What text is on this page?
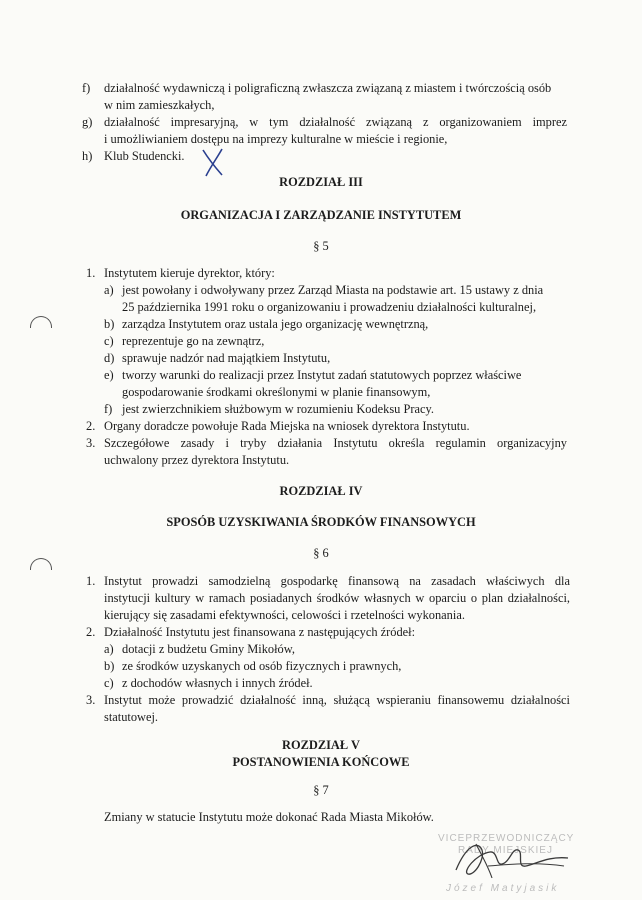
f) działalność wydawniczą i poligraficzną zwłaszcza związaną z miastem i twórczością osób
w nim zamieszkałych,
g) działalność impresaryjną, w tym działalność związaną z organizowaniem imprez
i umożliwianiem dostępu na imprezy kulturalne w mieście i regionie,
h) Klub Studencki.
ROZDZIAŁ III
ORGANIZACJA I ZARZĄDZANIE INSTYTUTEM
§ 5
1. Instytutem kieruje dyrektor, który:
a) jest powołany i odwoływany przez Zarząd Miasta na podstawie art. 15 ustawy z dnia
25 października 1991 roku o organizowaniu i prowadzeniu działalności kulturalnej,
b) zarządza Instytutem oraz ustala jego organizację wewnętrzną,
c) reprezentuje go na zewnątrz,
d) sprawuje nadzór nad majątkiem Instytutu,
e) tworzy warunki do realizacji przez Instytut zadań statutowych poprzez właściwe
gospodarowanie środkami określonymi w planie finansowym,
f) jest zwierzchnikiem służbowym w rozumieniu Kodeksu Pracy.
2. Organy doradcze powołuje Rada Miejska na wniosek dyrektora Instytutu.
3. Szczegółowe zasady i tryby działania Instytutu określa regulamin organizacyjny
uchwalony przez dyrektora Instytutu.
ROZDZIAŁ IV
SPOSÓB UZYSKIWANIA ŚRODKÓW FINANSOWYCH
§ 6
1. Instytut prowadzi samodzielną gospodarkę finansową na zasadach właściwych dla
instytucji kultury w ramach posiadanych środków własnych w oparciu o plan działalności,
kierujący się zasadami efektywności, celowości i rzetelności wykonania.
2. Działalność Instytutu jest finansowana z następujących źródeł:
a) dotacji z budżetu Gminy Mikołów,
b) ze środków uzyskanych od osób fizycznych i prawnych,
c) z dochodów własnych i innych źródeł.
3. Instytut może prowadzić działalność inną, służącą wspieraniu finansowemu działalności
statutowej.
ROZDZIAŁ V
POSTANOWIENIA KOŃCOWE
§ 7
Zmiany w statucie Instytutu może dokonać Rada Miasta Mikołów.
VICEPRZEWODNICZĄCY
RADY MIEJSKIEJ
Józef Matyjasik
